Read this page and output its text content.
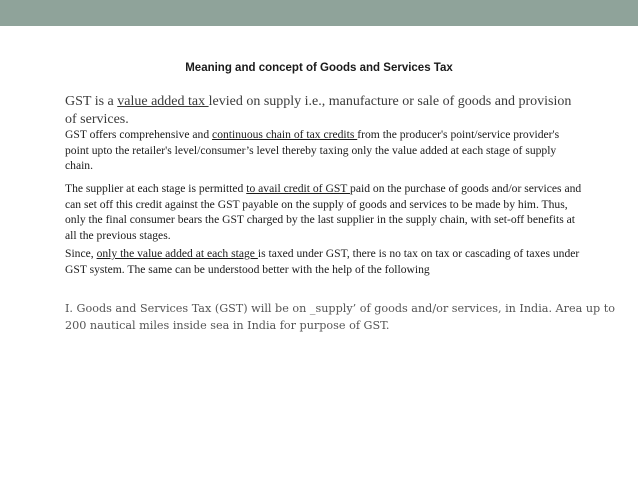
Meaning and concept of Goods and Services Tax
GST is a value added tax levied on supply i.e., manufacture or sale of goods and provision of services.
GST offers comprehensive and continuous chain of tax credits from the producer's point/service provider's point upto the retailer's level/consumer’s level thereby taxing only the value added at each stage of supply chain.
The supplier at each stage is permitted to avail credit of GST paid on the purchase of goods and/or services and can set off this credit against the GST payable on the supply of goods and services to be made by him. Thus, only the final consumer bears the GST charged by the last supplier in the supply chain, with set-off benefits at all the previous stages.
Since, only the value added at each stage is taxed under GST, there is no tax on tax or cascading of taxes under GST system. The same can be understood better with the help of the following
I. Goods and Services Tax (GST) will be on _supply’ of goods and/or services, in India. Area up to 200 nautical miles inside sea in India for purpose of GST.
